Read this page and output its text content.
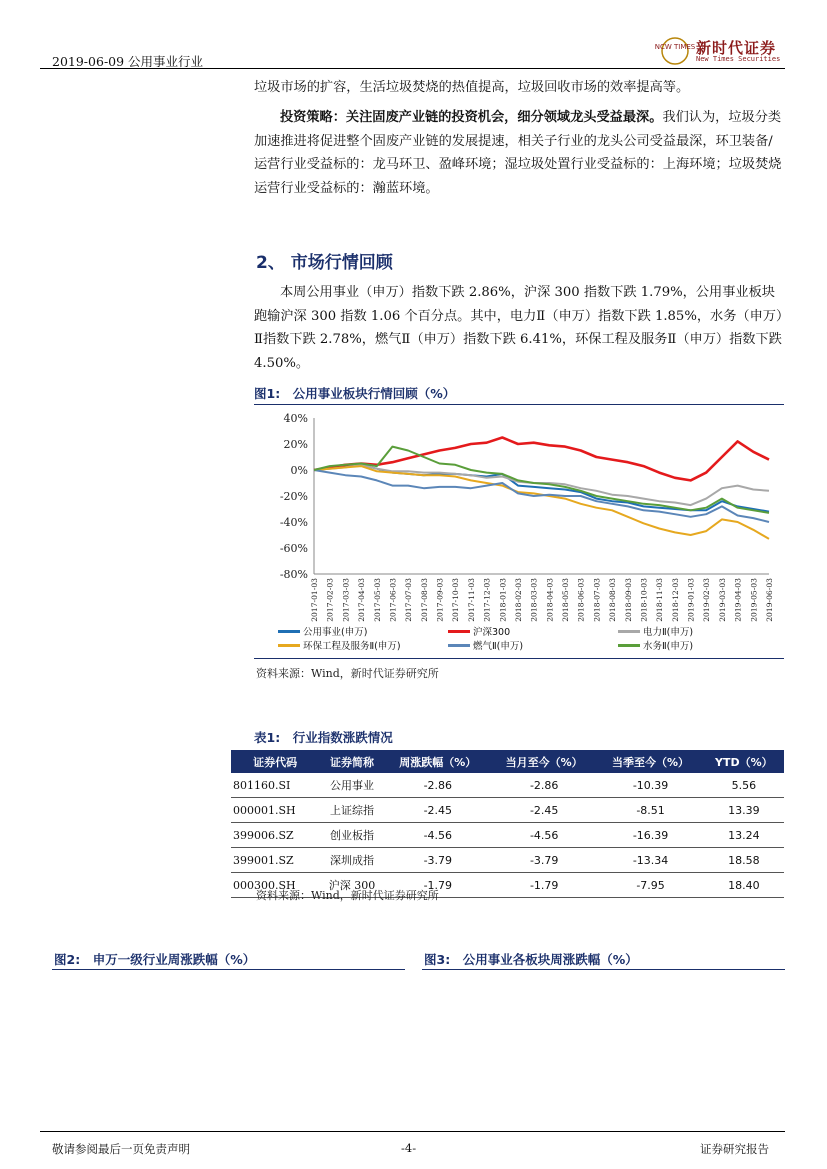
2019-06-09 公用事业行业
NCW TIMES 新时代证券
New Times Securities
垃圾市场的扩容，生活垃圾焚烧的热值提高，垃圾回收市场的效率提高等。
投资策略：关注固废产业链的投资机会，细分领域龙头受益最深。我们认为，垃圾分类加速推进将促进整个固废产业链的发展提速，相关子行业的龙头公司受益最深，环卫装备/运营行业受益标的：龙马环卫、盈峰环境；湿垃圾处置行业受益标的：上海环境；垃圾焚烧运营行业受益标的：瀚蓝环境。
2、 市场行情回顾
本周公用事业（申万）指数下跌 2.86%，沪深 300 指数下跌 1.79%，公用事业板块跑输沪深 300 指数 1.06 个百分点。其中，电力Ⅱ（申万）指数下跌 1.85%，水务（申万）Ⅱ指数下跌 2.78%，燃气Ⅱ（申万）指数下跌 6.41%，环保工程及服务Ⅱ（申万）指数下跌 4.50%。
图1:　公用事业板块行情回顾（%）
40%
20%
0%
-20%
-40%
-60%
-80%
2017-01-03 2017-02-03 2017-03-03 2017-04-03 2017-05-03 2017-06-03 2017-07-03 2017-08-03 2017-09-03 2017-10-03 2017-11-03 2017-12-03 2018-01-03 2018-02-03 2018-03-03 2018-04-03 2018-05-03 2018-06-03 2018-07-03 2018-08-03 2018-09-03 2018-10-03 2018-11-03 2018-12-03 2019-01-03 2019-02-03 2019-03-03 2019-04-03 2019-05-03 2019-06-03
公用事业(申万)	沪深300	电力Ⅱ(申万)
环保工程及服务Ⅱ(申万)	燃气Ⅱ(申万)	水务Ⅱ(申万)
资料来源：Wind，新时代证券研究所
表1:　行业指数涨跌情况
证券代码	证券简称	周涨跌幅（%）	当月至今（%）	当季至今（%）	YTD（%）
801160.SI	公用事业	-2.86	-2.86	-10.39	5.56
000001.SH	上证综指	-2.45	-2.45	-8.51	13.39
399006.SZ	创业板指	-4.56	-4.56	-16.39	13.24
399001.SZ	深圳成指	-3.79	-3.79	-13.34	18.58
000300.SH	沪深 300	-1.79	-1.79	-7.95	18.40
资料来源：Wind，新时代证券研究所
图2:　申万一级行业周涨跌幅（%）	图3:　公用事业各板块周涨跌幅（%）
敬请参阅最后一页免责声明	-4-	证券研究报告
